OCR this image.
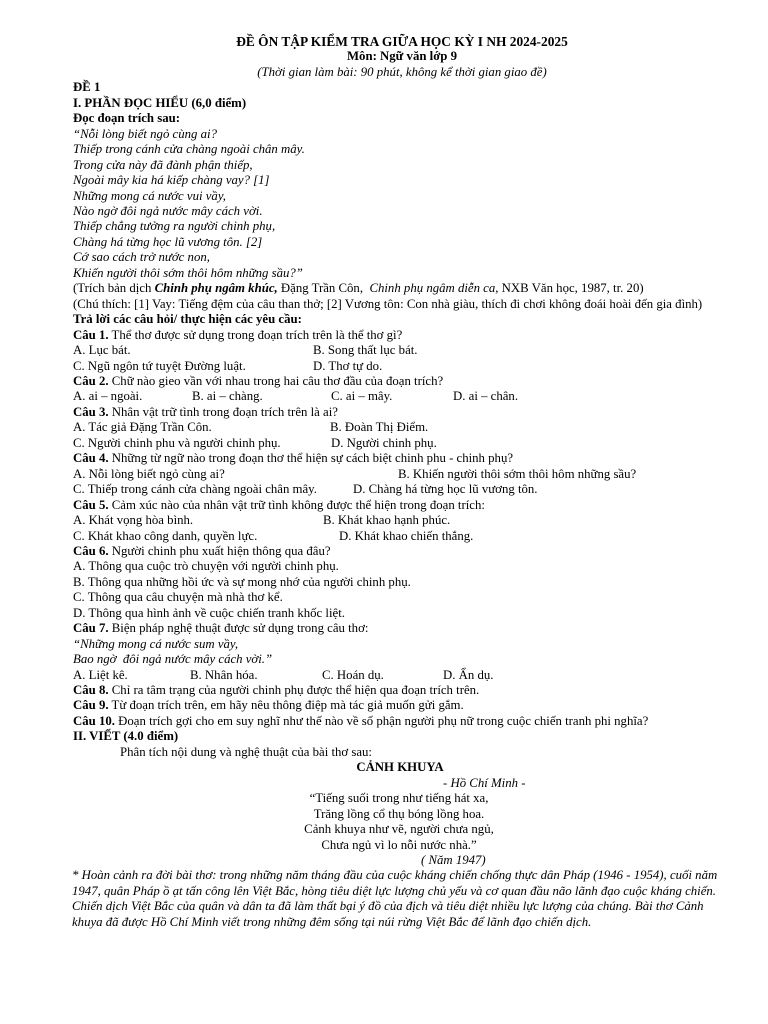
ĐỀ ÔN TẬP KIỂM TRA GIỮA HỌC KỲ I NH 2024-2025
Môn: Ngữ văn lớp 9
(Thời gian làm bài: 90 phút, không kể thời gian giao đề)
ĐỀ 1
I. PHẦN ĐỌC HIỂU (6,0 điểm)
Đọc đoạn trích sau:
“Nỗi lòng biết ngỏ cùng ai?
Thiếp trong cánh cửa chàng ngoài chân mây.
Trong cửa này đã đành phận thiếp,
Ngoài mây kia há kiếp chàng vay? [1]
Những mong cá nước vui vầy,
Nào ngờ đôi ngả nước mây cách vời.
Thiếp chẳng tưởng ra người chinh phụ,
Chàng há từng học lũ vương tôn. [2]
Cớ sao cách trở nước non,
Khiến người thôi sớm thôi hôm những sầu?”
(Trích bản dịch Chinh phụ ngâm khúc, Đặng Trần Côn,  Chinh phụ ngâm diễn ca, NXB Văn học, 1987, tr. 20)
(Chú thích: [1] Vay: Tiếng đệm của câu than thở; [2] Vương tôn: Con nhà giàu, thích đi chơi không đoái hoài đến gia đình)
Trả lời các câu hỏi/ thực hiện các yêu cầu:
Câu 1. Thể thơ được sử dụng trong đoạn trích trên là thể thơ gì?
A. Lục bát.	B. Song thất lục bát.
C. Ngũ ngôn tứ tuyệt Đường luật.	D. Thơ tự do.
Câu 2. Chữ nào gieo vần với nhau trong hai câu thơ đầu của đoạn trích?
A. ai – ngoài.	B. ai – chàng.	C. ai – mây.	D. ai – chân.
Câu 3. Nhân vật trữ tình trong đoạn trích trên là ai?
A. Tác giả Đặng Trần Côn.	B. Đoàn Thị Điểm.
C. Người chinh phu và người chinh phụ.	D. Người chinh phụ.
Câu 4. Những từ ngữ nào trong đoạn thơ thể hiện sự cách biệt chinh phu - chinh phụ?
A. Nỗi lòng biết ngỏ cùng ai?	B. Khiến người thôi sớm thôi hôm những sầu?
C. Thiếp trong cánh cửa chàng ngoài chân mây.	D. Chàng há từng học lũ vương tôn.
Câu 5. Cảm xúc nào của nhân vật trữ tình không được thể hiện trong đoạn trích:
A. Khát vọng hòa bình.	B. Khát khao hạnh phúc.
C. Khát khao công danh, quyền lực.	D. Khát khao chiến thắng.
Câu 6. Người chinh phu xuất hiện thông qua đâu?
A. Thông qua cuộc trò chuyện với người chinh phụ.
B. Thông qua những hồi ức và sự mong nhớ của người chinh phụ.
C. Thông qua câu chuyện mà nhà thơ kể.
D. Thông qua hình ảnh về cuộc chiến tranh khốc liệt.
Câu 7. Biện pháp nghệ thuật được sử dụng trong câu thơ:
“Những mong cá nước sum vầy,
Bao ngờ  đôi ngả nước mây cách vời.”
A. Liệt kê.	B. Nhân hóa.	C. Hoán dụ.	D. Ẩn dụ.
Câu 8. Chỉ ra tâm trạng của người chinh phụ được thể hiện qua đoạn trích trên.
Câu 9. Từ đoạn trích trên, em hãy nêu thông điệp mà tác giả muốn gửi gắm.
Câu 10. Đoạn trích gợi cho em suy nghĩ như thế nào về số phận người phụ nữ trong cuộc chiến tranh phi nghĩa?
II. VIẾT (4.0 điểm)
Phân tích nội dung và nghệ thuật của bài thơ sau:
CẢNH KHUYA
- Hồ Chí Minh -
“Tiếng suối trong như tiếng hát xa,
Trăng lồng cổ thụ bóng lồng hoa.
Cảnh khuya như vẽ, người chưa ngủ,
Chưa ngủ vì lo nỗi nước nhà.”
( Năm 1947)
* Hoàn cảnh ra đời bài thơ: trong những năm tháng đầu của cuộc kháng chiến chống thực dân Pháp (1946 - 1954), cuối năm 1947, quân Pháp ồ ạt tấn công lên Việt Bắc, hòng tiêu diệt lực lượng chủ yếu và cơ quan đầu não lãnh đạo cuộc kháng chiến. Chiến dịch Việt Bắc của quân và dân ta đã làm thất bại ý đồ của địch và tiêu diệt nhiều lực lượng của chúng. Bài thơ Cảnh khuya đã được Hồ Chí Minh viết trong những đêm sống tại núi rừng Việt Bắc để lãnh đạo chiến dịch.
